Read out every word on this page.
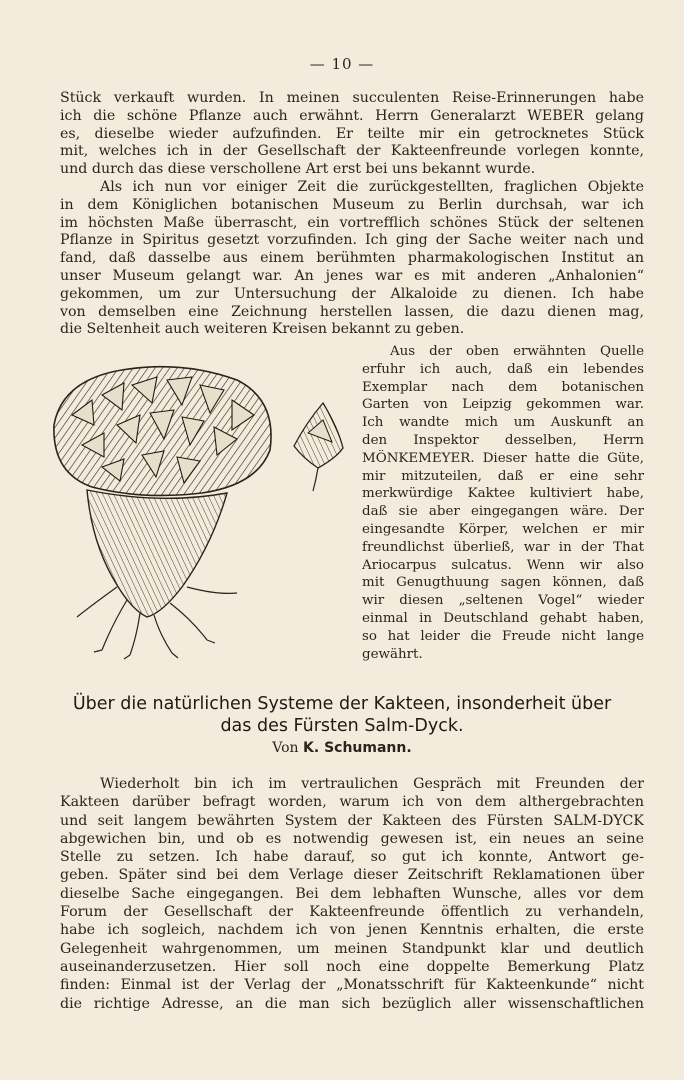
— 10 —
Stück verkauft wurden. In meinen succulenten Reise-Erinnerungen habe
ich die schöne Pflanze auch erwähnt. Herrn Generalarzt WEBER gelang
es, dieselbe wieder aufzufinden. Er teilte mir ein getrocknetes Stück
mit, welches ich in der Gesellschaft der Kakteenfreunde vorlegen konnte,
und durch das diese verschollene Art erst bei uns bekannt wurde.
Als ich nun vor einiger Zeit die zurückgestellten, fraglichen Objekte
in dem Königlichen botanischen Museum zu Berlin durchsah, war ich
im höchsten Maße überrascht, ein vortrefflich schönes Stück der seltenen
Pflanze in Spiritus gesetzt vorzufinden. Ich ging der Sache weiter nach und
fand, daß dasselbe aus einem berühmten pharmakologischen Institut an
unser Museum gelangt war. An jenes war es mit anderen „Anhalonien“
gekommen, um zur Untersuchung der Alkaloide zu dienen. Ich habe
von demselben eine Zeichnung herstellen lassen, die dazu dienen mag,
die Seltenheit auch weiteren Kreisen bekannt zu geben.
Aus der oben erwähnten Quelle
erfuhr ich auch, daß ein lebendes
Exemplar nach dem botanischen
Garten von Leipzig gekommen war.
Ich wandte mich um Auskunft an
den Inspektor desselben, Herrn
MÖNKEMEYER. Dieser hatte die Güte,
mir mitzuteilen, daß er eine sehr
merkwürdige Kaktee kultiviert habe,
daß sie aber eingegangen wäre. Der
eingesandte Körper, welchen er mir
freundlichst überließ, war in der That
Ariocarpus sulcatus. Wenn wir also
mit Genugthuung sagen können, daß
wir diesen „seltenen Vogel“ wieder
einmal in Deutschland gehabt haben,
so hat leider die Freude nicht lange
gewährt.
Über die natürlichen Systeme der Kakteen, insonderheit über
das des Fürsten Salm-Dyck.
Von K. Schumann.
Wiederholt bin ich im vertraulichen Gespräch mit Freunden der
Kakteen darüber befragt worden, warum ich von dem althergebrachten
und seit langem bewährten System der Kakteen des Fürsten SALM-DYCK
abgewichen bin, und ob es notwendig gewesen ist, ein neues an seine
Stelle zu setzen. Ich habe darauf, so gut ich konnte, Antwort ge-
geben. Später sind bei dem Verlage dieser Zeitschrift Reklamationen über
dieselbe Sache eingegangen. Bei dem lebhaften Wunsche, alles vor dem
Forum der Gesellschaft der Kakteenfreunde öffentlich zu verhandeln,
habe ich sogleich, nachdem ich von jenen Kenntnis erhalten, die erste
Gelegenheit wahrgenommen, um meinen Standpunkt klar und deutlich
auseinanderzusetzen. Hier soll noch eine doppelte Bemerkung Platz
finden: Einmal ist der Verlag der „Monatsschrift für Kakteenkunde“ nicht
die richtige Adresse, an die man sich bezüglich aller wissenschaftlichen
